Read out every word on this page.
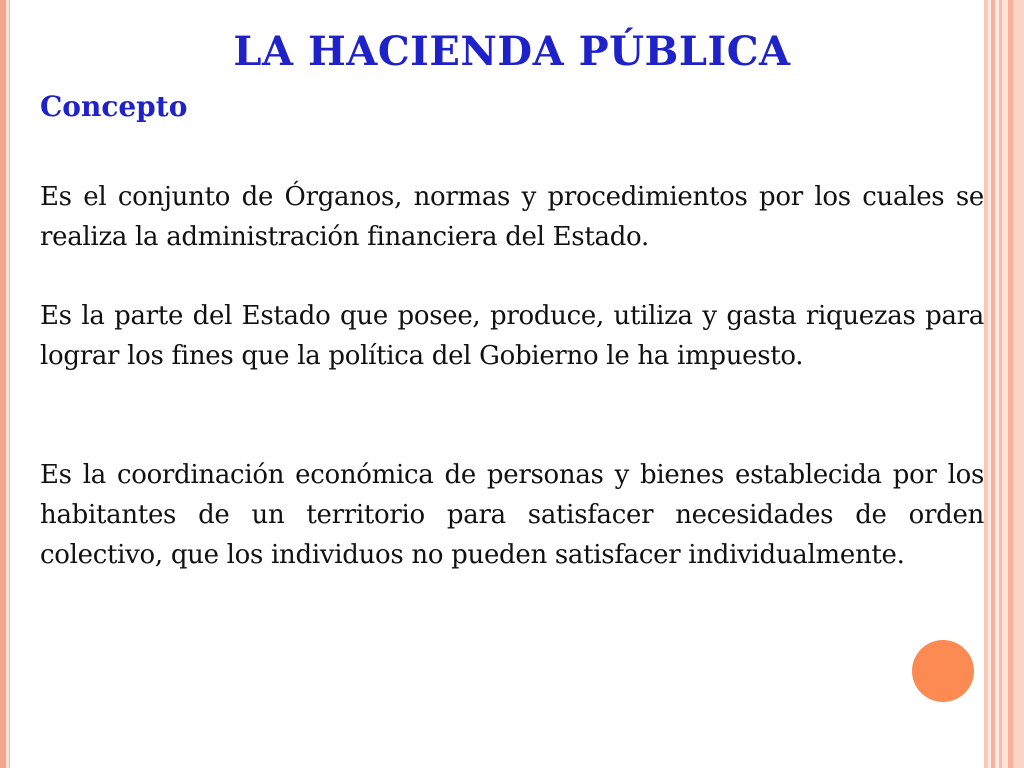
LA HACIENDA PÚBLICA
Concepto

Es el conjunto de Órganos, normas y procedimientos por los cuales se realiza la administración financiera del Estado.

Es la parte del Estado que posee, produce, utiliza y gasta riquezas para lograr los fines que la política del Gobierno le ha impuesto.

Es la coordinación económica de personas y bienes establecida por los habitantes de un territorio para satisfacer necesidades de orden colectivo, que los individuos no pueden satisfacer individualmente.
